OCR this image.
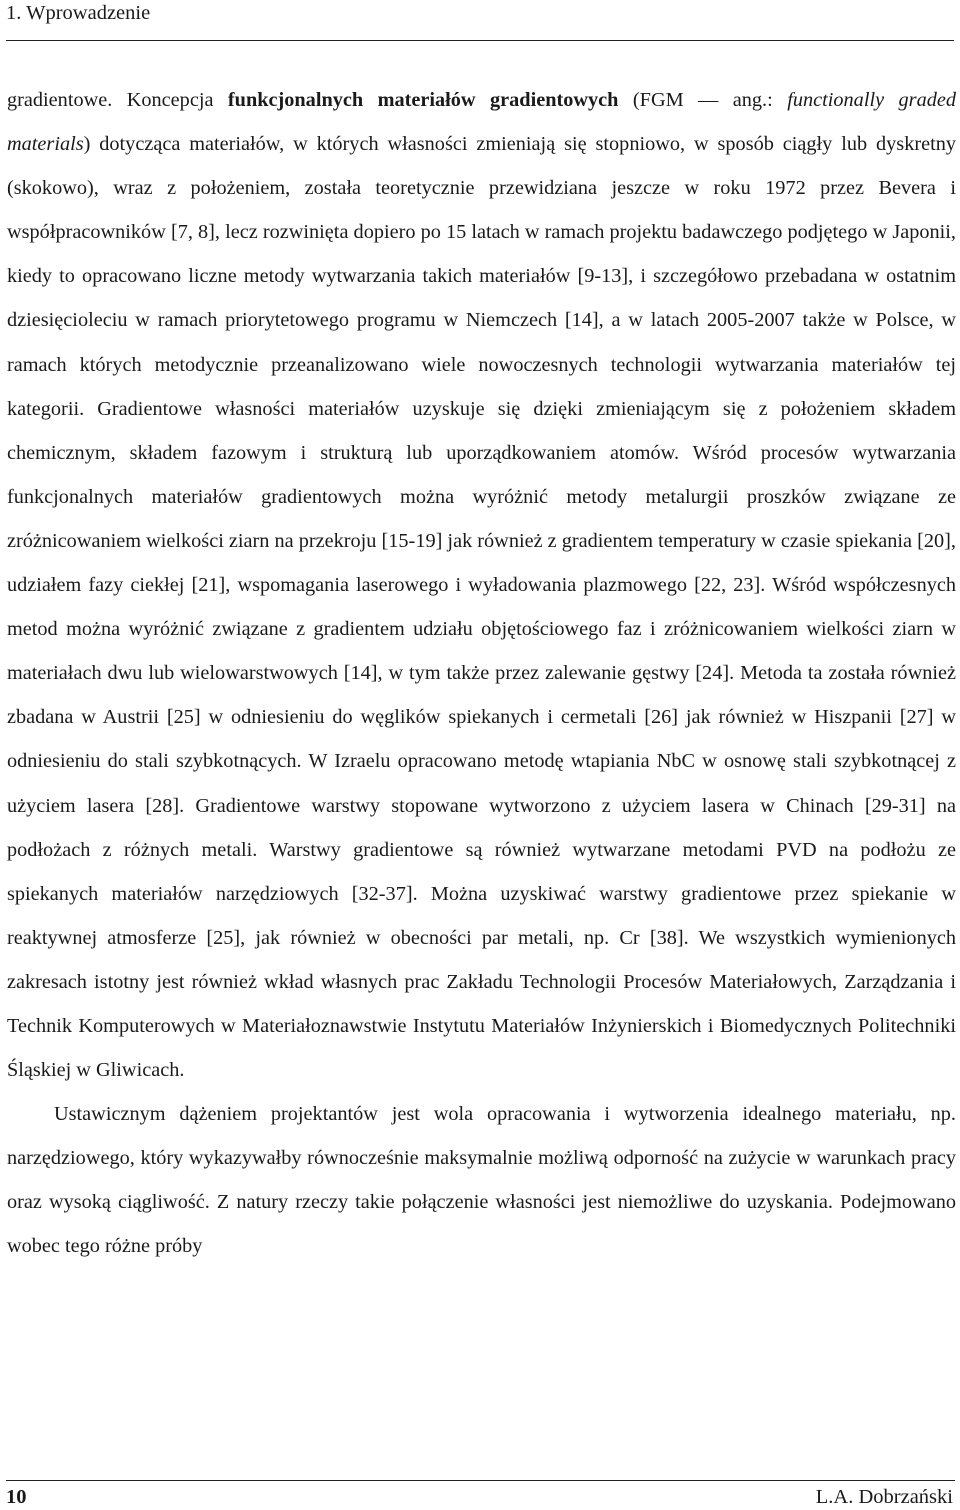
1. Wprowadzenie

gradientowe. Koncepcja funkcjonalnych materiałów gradientowych (FGM — ang.: functionally graded materials) dotycząca materiałów, w których własności zmieniają się stopniowo, w sposób ciągły lub dyskretny (skokowo), wraz z położeniem, została teoretycznie przewidziana jeszcze w roku 1972 przez Bevera i współpracowników [7, 8], lecz rozwinięta dopiero po 15 latach w ramach projektu badawczego podjętego w Japonii, kiedy to opracowano liczne metody wytwarzania takich materiałów [9-13], i szczegółowo przebadana w ostatnim dziesięcioleciu w ramach priorytetowego programu w Niemczech [14], a w latach 2005-2007 także w Polsce, w ramach których metodycznie przeanalizowano wiele nowoczesnych technologii wytwarzania materiałów tej kategorii. Gradientowe własności materiałów uzyskuje się dzięki zmieniającym się z położeniem składem chemicznym, składem fazowym i strukturą lub uporządkowaniem atomów. Wśród procesów wytwarzania funkcjonalnych materiałów gradientowych można wyróżnić metody metalurgii proszków związane ze zróżnicowaniem wielkości ziarn na przekroju [15-19] jak również z gradientem temperatury w czasie spiekania [20], udziałem fazy ciekłej [21], wspomagania laserowego i wyładowania plazmowego [22, 23]. Wśród współczesnych metod można wyróżnić związane z gradientem udziału objętościowego faz i zróżnicowaniem wielkości ziarn w materiałach dwu lub wielowarstwowych [14], w tym także przez zalewanie gęstwy [24]. Metoda ta została również zbadana w Austrii [25] w odniesieniu do węglików spiekanych i cermetali [26] jak również w Hiszpanii [27] w odniesieniu do stali szybkotnących. W Izraelu opracowano metodę wtapiania NbC w osnowę stali szybkotnącej z użyciem lasera [28]. Gradientowe warstwy stopowane wytworzono z użyciem lasera w Chinach [29-31] na podłożach z różnych metali. Warstwy gradientowe są również wytwarzane metodami PVD na podłożu ze spiekanych materiałów narzędziowych [32-37]. Można uzyskiwać warstwy gradientowe przez spiekanie w reaktywnej atmosferze [25], jak również w obecności par metali, np. Cr [38]. We wszystkich wymienionych zakresach istotny jest również wkład własnych prac Zakładu Technologii Procesów Materiałowych, Zarządzania i Technik Komputerowych w Materiałoznawstwie Instytutu Materiałów Inżynierskich i Biomedycznych Politechniki Śląskiej w Gliwicach.

Ustawicznym dążeniem projektantów jest wola opracowania i wytworzenia idealnego materiału, np. narzędziowego, który wykazywałby równocześnie maksymalnie możliwą odporność na zużycie w warunkach pracy oraz wysoką ciągliwość. Z natury rzeczy takie połączenie własności jest niemożliwe do uzyskania. Podejmowano wobec tego różne próby

10	L.A. Dobrzański
